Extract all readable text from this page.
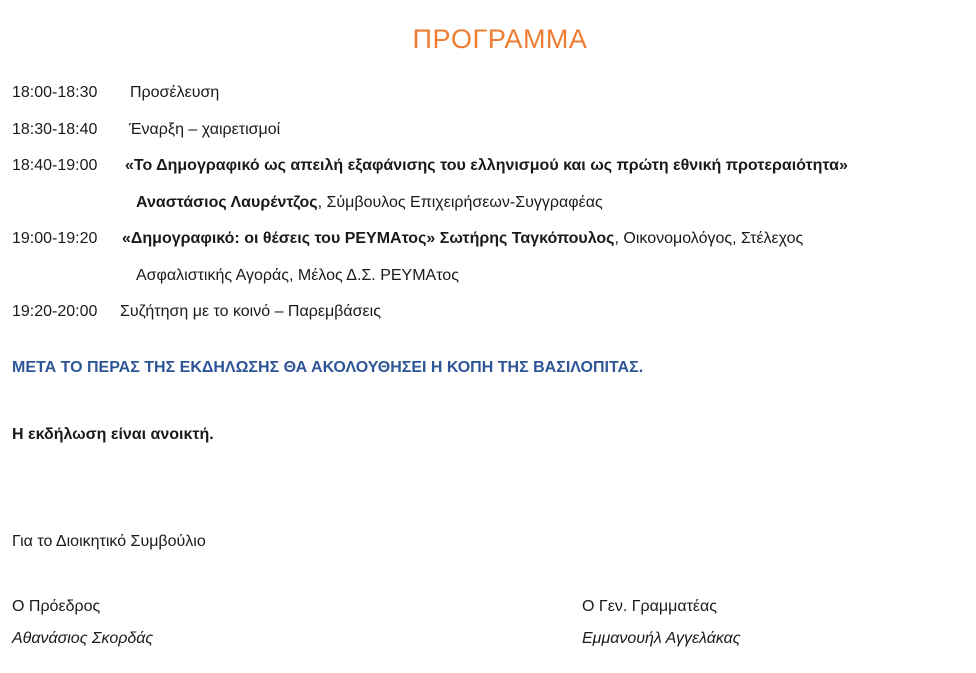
ΠΡΟΓΡΑΜΜΑ
18:00-18:30 Προσέλευση
18:30-18:40 Έναρξη – χαιρετισμοί
18:40-19:00 «Το Δημογραφικό ως απειλή εξαφάνισης του ελληνισμού και ως πρώτη εθνική προτεραιότητα»
Αναστάσιος Λαυρέντζος, Σύμβουλος Επιχειρήσεων-Συγγραφέας
19:00-19:20 «Δημογραφικό: οι θέσεις του ΡΕΥΜΑτος» Σωτήρης Ταγκόπουλος, Οικονομολόγος, Στέλεχος
Ασφαλιστικής Αγοράς, Μέλος Δ.Σ. ΡΕΥΜΑτος
19:20-20:00 Συζήτηση με το κοινό – Παρεμβάσεις
ΜΕΤΑ ΤΟ ΠΕΡΑΣ ΤΗΣ ΕΚΔΗΛΩΣΗΣ ΘΑ ΑΚΟΛΟΥΘΗΣΕΙ Η ΚΟΠΗ ΤΗΣ ΒΑΣΙΛΟΠΙΤΑΣ.
Η εκδήλωση είναι ανοικτή.
Για το Διοικητικό Συμβούλιο
Ο Πρόεδρος
Αθανάσιος Σκορδάς
Ο Γεν. Γραμματέας
Εμμανουήλ Αγγελάκας
